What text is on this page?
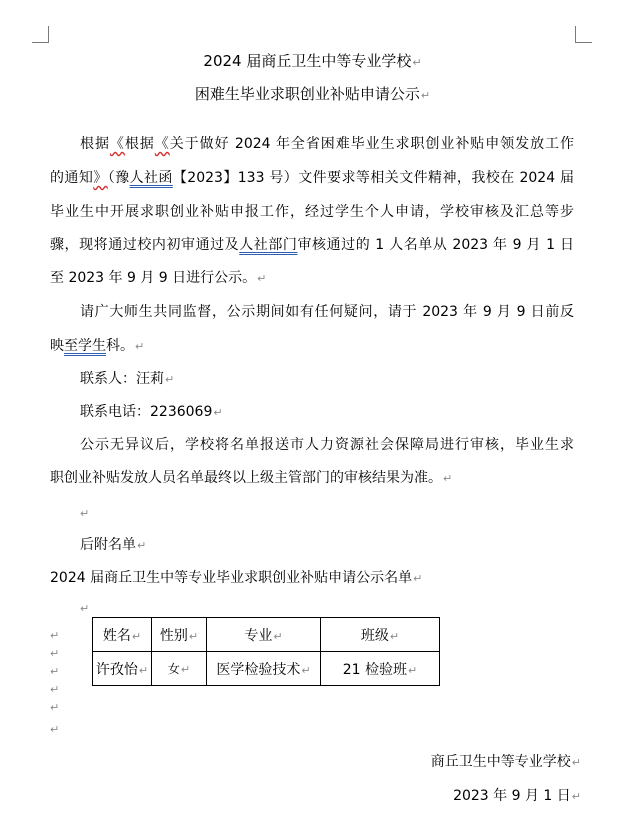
2024 届商丘卫生中等专业学校↵
困难生毕业求职创业补贴申请公示↵
根据《根据《关于做好 2024 年全省困难毕业生求职创业补贴申领发放工作
的通知》（豫人社函【2023】133 号）文件要求等相关文件精神，我校在 2024 届
毕业生中开展求职创业补贴申报工作，经过学生个人申请，学校审核及汇总等步
骤，现将通过校内初审通过及人社部门审核通过的 1 人名单从 2023 年 9 月 1 日
至 2023 年 9 月 9 日进行公示。↵
请广大师生共同监督，公示期间如有任何疑问，请于 2023 年 9 月 9 日前反
映至学生科。↵
联系人：汪莉↵
联系电话：2236069↵
公示无异议后，学校将名单报送市人力资源社会保障局进行审核，毕业生求
职创业补贴发放人员名单最终以上级主管部门的审核结果为准。↵
↵
后附名单↵
2024 届商丘卫生中等专业毕业求职创业补贴申请公示名单↵
↵
↵
↵
↵
↵
↵
↵
姓名↵	性别↵	专业↵	班级↵
许孜怡↵	女↵	医学检验技术↵	21 检验班↵
商丘卫生中等专业学校↵
2023 年 9 月 1 日↵
